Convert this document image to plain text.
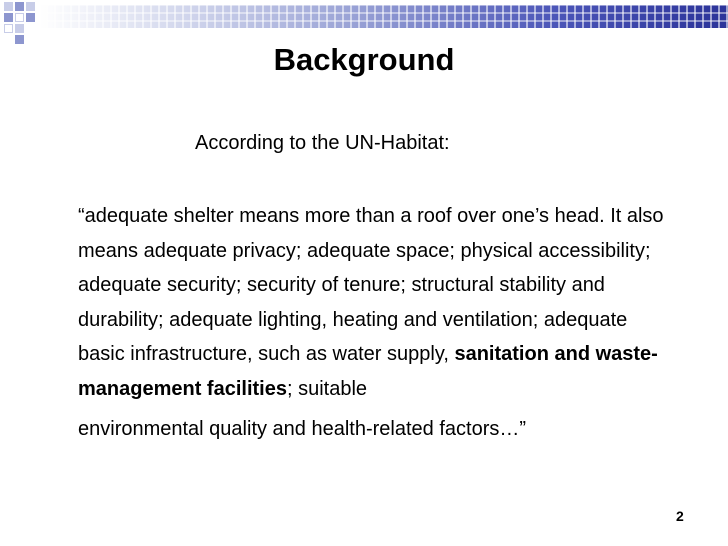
Background
According to the UN-Habitat:
“adequate shelter means more than a roof over one’s head. It also means adequate privacy; adequate space; physical accessibility; adequate security; security of tenure; structural stability and durability; adequate lighting, heating and ventilation; adequate basic infrastructure, such as water supply, sanitation and waste-management facilities; suitable
environmental quality and health-related factors…”
2
